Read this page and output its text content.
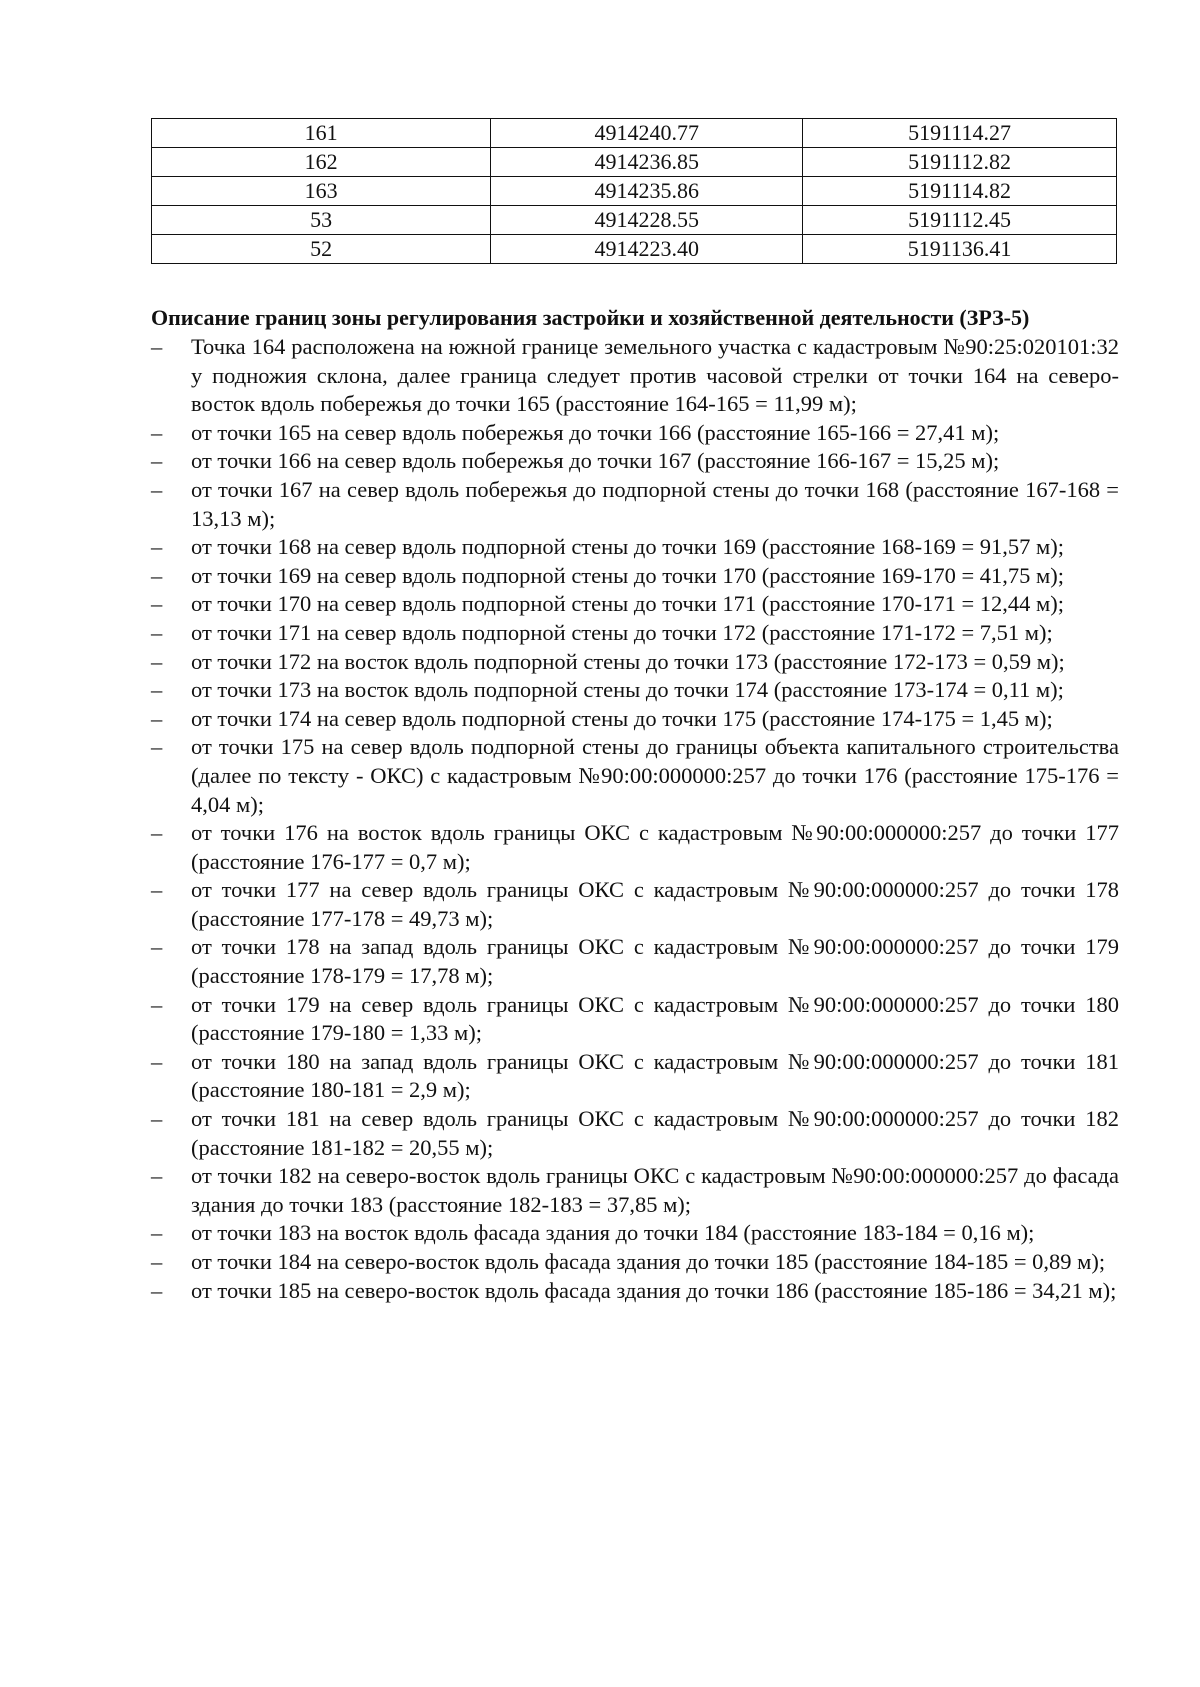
161	4914240.77	5191114.27
162	4914236.85	5191112.82
163	4914235.86	5191114.82
53	4914228.55	5191112.45
52	4914223.40	5191136.41
Описание границ зоны регулирования застройки и хозяйственной деятельности (ЗРЗ-5)
–	Точка 164 расположена на южной границе земельного участка с кадастровым №90:25:020101:32 у подножия склона, далее граница следует против часовой стрелки от точки 164 на северо-восток вдоль побережья до точки 165 (расстояние 164-165 = 11,99 м);
–	от точки 165 на север вдоль побережья до точки 166 (расстояние 165-166 = 27,41 м);
–	от точки 166 на север вдоль побережья до точки 167 (расстояние 166-167 = 15,25 м);
–	от точки 167 на север вдоль побережья до подпорной стены до точки 168 (расстояние 167-168 = 13,13 м);
–	от точки 168 на север вдоль подпорной стены до точки 169 (расстояние 168-169 = 91,57 м);
–	от точки 169 на север вдоль подпорной стены до точки 170 (расстояние 169-170 = 41,75 м);
–	от точки 170 на север вдоль подпорной стены до точки 171 (расстояние 170-171 = 12,44 м);
–	от точки 171 на север вдоль подпорной стены до точки 172 (расстояние 171-172 = 7,51 м);
–	от точки 172 на восток вдоль подпорной стены до точки 173 (расстояние 172-173 = 0,59 м);
–	от точки 173 на восток вдоль подпорной стены до точки 174 (расстояние 173-174 = 0,11 м);
–	от точки 174 на север вдоль подпорной стены до точки 175 (расстояние 174-175 = 1,45 м);
–	от точки 175 на север вдоль подпорной стены до границы объекта капитального строительства (далее по тексту - ОКС) с кадастровым №90:00:000000:257 до точки 176 (расстояние 175-176 = 4,04 м);
–	от точки 176 на восток вдоль границы ОКС с кадастровым №90:00:000000:257 до точки 177 (расстояние 176-177 = 0,7 м);
–	от точки 177 на север вдоль границы ОКС с кадастровым №90:00:000000:257 до точки 178 (расстояние 177-178 = 49,73 м);
–	от точки 178 на запад вдоль границы ОКС с кадастровым №90:00:000000:257 до точки 179 (расстояние 178-179 = 17,78 м);
–	от точки 179 на север вдоль границы ОКС с кадастровым №90:00:000000:257 до точки 180 (расстояние 179-180 = 1,33 м);
–	от точки 180 на запад вдоль границы ОКС с кадастровым №90:00:000000:257 до точки 181 (расстояние 180-181 = 2,9 м);
–	от точки 181 на север вдоль границы ОКС с кадастровым №90:00:000000:257 до точки 182 (расстояние 181-182 = 20,55 м);
–	от точки 182 на северо-восток вдоль границы ОКС с кадастровым №90:00:000000:257 до фасада здания до точки 183 (расстояние 182-183 = 37,85 м);
–	от точки 183 на восток вдоль фасада здания до точки 184 (расстояние 183-184 = 0,16 м);
–	от точки 184 на северо-восток вдоль фасада здания до точки 185 (расстояние 184-185 = 0,89 м);
–	от точки 185 на северо-восток вдоль фасада здания до точки 186 (расстояние 185-186 = 34,21 м);
